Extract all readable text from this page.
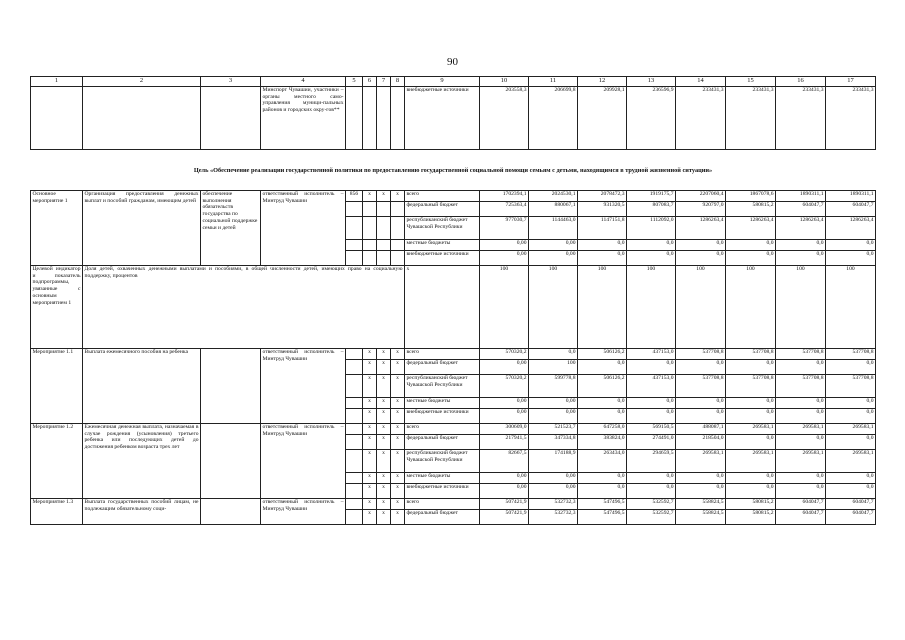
90
1	2	3	4	5	6	7	8	9	10	11	12	13	14	15	16	17
			Минспорт Чувашии, участники – органы местного само-управления муници-пальных районов и городских окру-гов**					внебюджетные источники	203558,3	206699,8	209928,1	236596,9	233431,3	233431,3	233431,3	233431,3
Цель «Обеспечение реализации государственной политики по предоставлению государственной социальной помощи семьям с детьми, находящимся в трудной жизненной ситуации»																
Основное мероприятие 1	Организация предоставления денежных выплат и пособий гражданам, имеющим детей	обеспечение выполнения обязательств государства по социальной поддержке семьи и детей	ответственный исполнитель – Минтруд Чувашии	856	x	x	x	всего	1702394,1	2024530,1	2078472,3	1919175,7	2207060,4	1867078,6	1890311,1	1890311,1
								федеральный бюджет	725363,4	880067,1	931320,5	807083,7	920797,0	580815,2	604047,7	604047,7
								республиканский бюджет Чувашской Республики	977030,7	1144463,0	1147151,8	1112092,0	1286263,4	1286263,4	1286263,4	1286263,4
								местные бюджеты	0,00	0,00	0,0	0,0	0,0	0,0	0,0	0,0
								внебюджетные источники	0,00	0,00	0,0	0,0	0,0	0,0	0,0	0,0
Целевой индикатор и показатель подпрограммы, увязанные с основным мероприятием 1	Доля детей, охваченных денежными выплатами и пособиями, в общей численности детей, имеющих право на социальную поддержку, процентов							х	100	100	100	100	100	100	100	100
Мероприятие 1.1	Выплата ежемесячного пособия на ребенка		ответственный исполнитель – Минтруд Чувашии		x	x	x	всего	570320,2	0,0	506126,2	437153,0	537708,8	537708,8	537708,8	537708,8
					x	x	x	федеральный бюджет	0,00	100	0,0	0,0	0,0	0,0	0,0	0,0
					x	x	x	республиканский бюджет Чувашской Республики	570320,2	599778,8	506126,2	437153,0	537708,8	537708,8	537708,8	537708,8
					x	x	x	местные бюджеты	0,00	0,00	0,0	0,0	0,0	0,0	0,0	0,0
					x	x	x	внебюджетные источники	0,00	0,00	0,0	0,0	0,0	0,0	0,0	0,0
Мероприятие 1.2	Ежемесячная денежная выплата, назначаемая в случае рождения (усыновления) третьего ребенка или последующих детей до достижения ребенком возраста трех лет		ответственный исполнитель – Минтруд Чувашии		x	x	x	всего	300609,0	521523,7	647258,0	569150,5	488087,1	269583,1	269583,1	269583,1
					x	x	x	федеральный бюджет	217941,5	347334,8	383824,0	274491,0	218504,0	0,0	0,0	0,0
					x	x	x	республиканский бюджет Чувашской Республики	82667,5	174188,9	263434,0	294659,5	269583,1	269583,1	269583,1	269583,1
					x	x	x	местные бюджеты	0,00	0,00	0,0	0,0	0,0	0,0	0,0	0,0
					x	x	x	внебюджетные источники	0,00	0,00	0,0	0,0	0,0	0,0	0,0	0,0
Мероприятие 1.3	Выплата государственных пособий лицам, не подлежащим обязательному соци-		ответственный исполнитель – Минтруд Чувашии		x	x	x	всего	507421,9	532732,3	547496,5	532592,7	558824,5	580815,2	604047,7	604047,7
					x	x	x	федеральный бюджет	507421,9	532732,3	547496,5	532592,7	558824,5	580815,2	604047,7	604047,7
